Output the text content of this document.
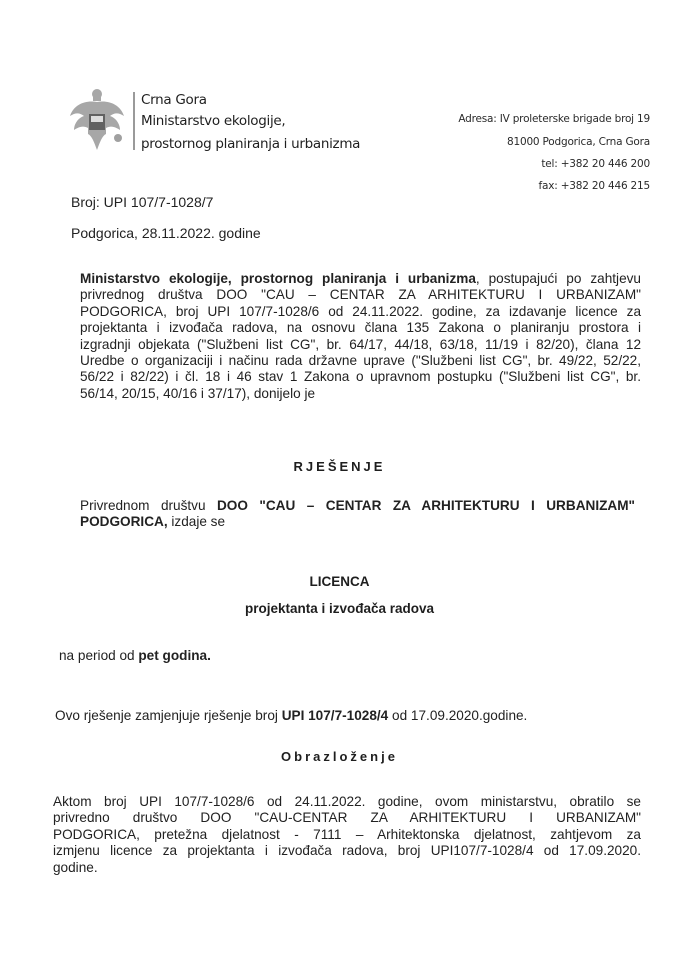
Crna Gora
Ministarstvo ekologije,
prostornog planiranja i urbanizma
Adresa: IV proleterske brigade broj 19
81000 Podgorica, Crna Gora
tel: +382 20 446 200
fax: +382 20 446 215
Broj: UPI 107/7-1028/7
Podgorica, 28.11.2022. godine
Ministarstvo ekologije, prostornog planiranja i urbanizma, postupajući po zahtjevu
privrednog društva DOO "CAU – CENTAR ZA ARHITEKTURU I URBANIZAM"
PODGORICA, broj UPI 107/7-1028/6 od 24.11.2022. godine, za izdavanje licence za
projektanta i izvođača radova, na osnovu člana 135 Zakona o planiranju prostora i
izgradnji objekata ("Službeni list CG", br. 64/17, 44/18, 63/18, 11/19 i 82/20), člana 12
Uredbe o organizaciji i načinu rada državne uprave ("Službeni list CG", br. 49/22, 52/22,
56/22 i 82/22) i čl. 18 i 46 stav 1 Zakona o upravnom postupku ("Službeni list CG", br.
56/14, 20/15, 40/16 i 37/17), donijelo je
RJEŠENJE
Privrednom društvu DOO "CAU – CENTAR ZA ARHITEKTURU I URBANIZAM"
PODGORICA, izdaje se
LICENCA
projektanta i izvođača radova
na period od pet godina.
Ovo rješenje zamjenjuje rješenje broj UPI 107/7-1028/4 od 17.09.2020.godine.
Obrazloženje
Aktom broj UPI 107/7-1028/6 od 24.11.2022. godine, ovom ministarstvu, obratilo se
privredno društvo DOO "CAU-CENTAR ZA ARHITEKTURU I URBANIZAM"
PODGORICA, pretežna djelatnost - 7111 – Arhitektonska djelatnost, zahtjevom za
izmjenu licence za projektanta i izvođača radova, broj UPI107/7-1028/4 od 17.09.2020.
godine.
